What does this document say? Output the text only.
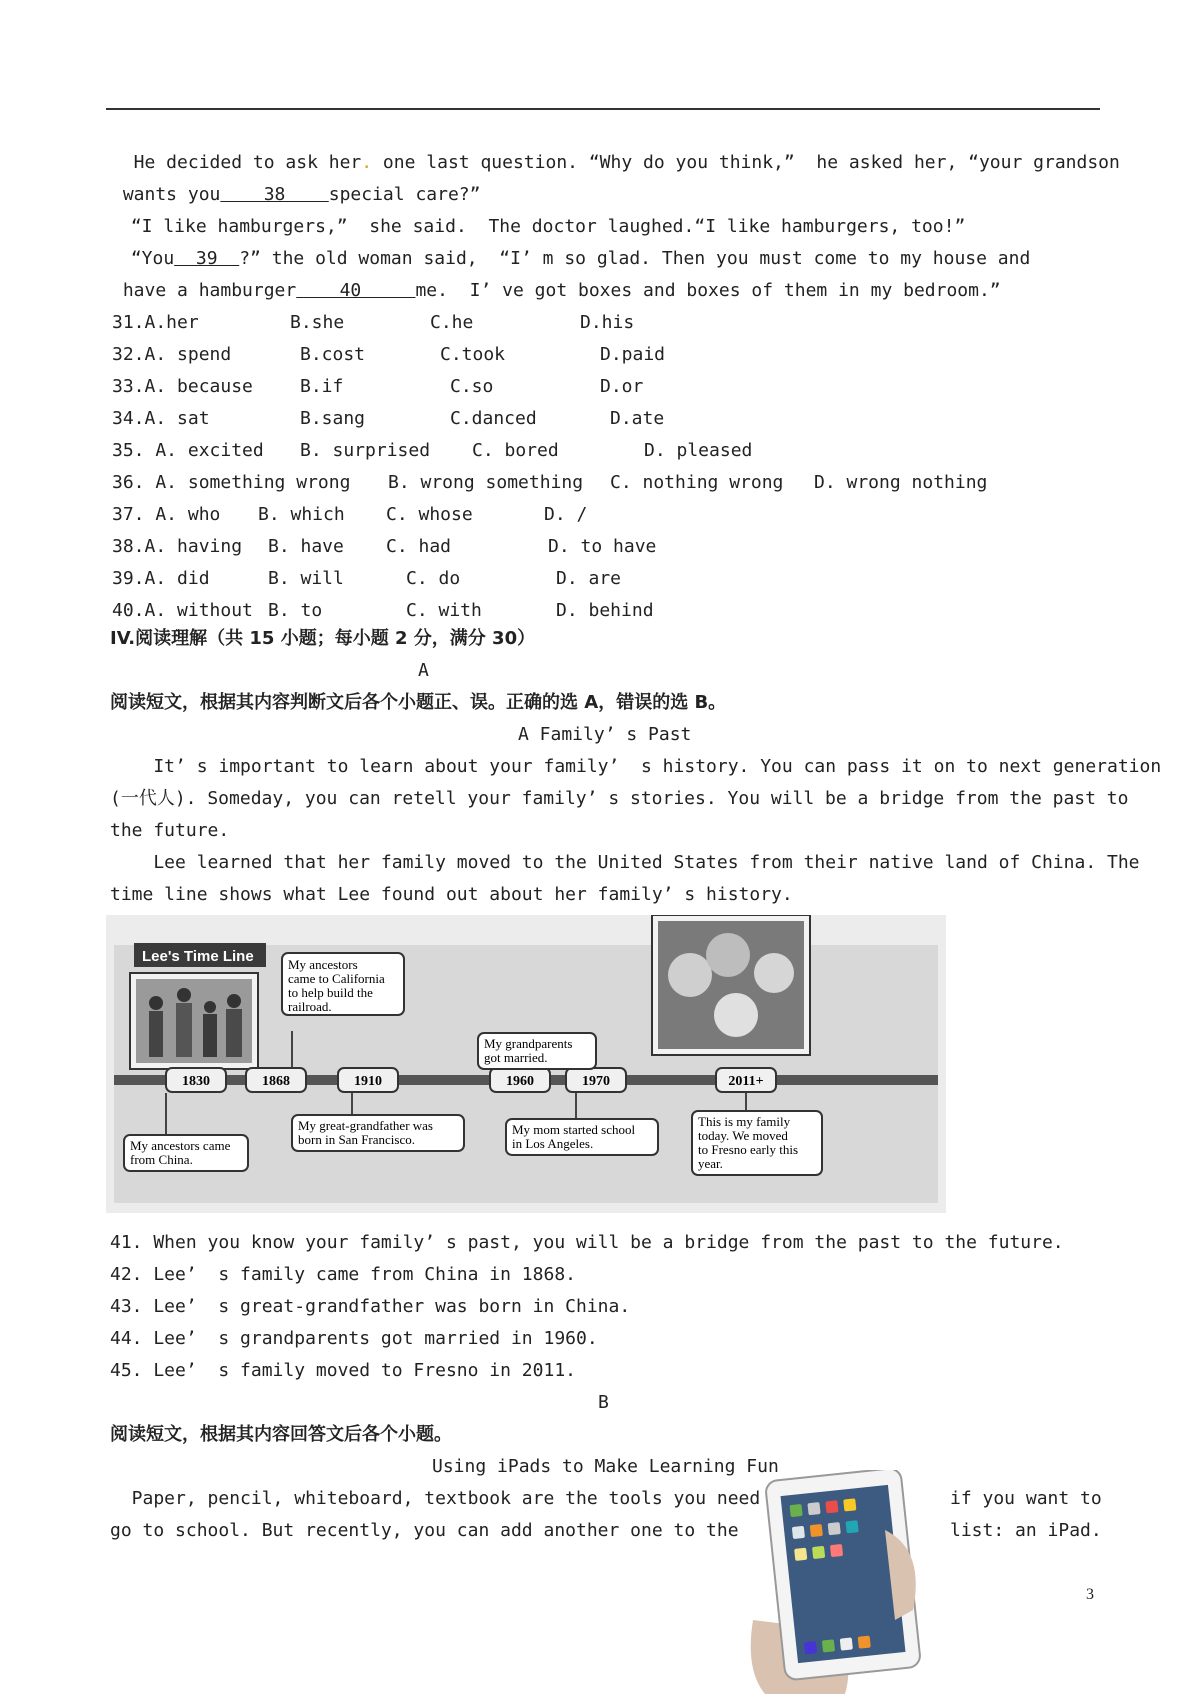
He decided to ask her. one last question. “Why do you think,”  he asked her, “your grandson
wants you    38    special care?”
“I like hamburgers,”  she said.  The doctor laughed.“I like hamburgers, too!”
“You  39  ?” the old woman said,  “I’ m so glad. Then you must come to my house and
have a hamburger    40     me.  I’ ve got boxes and boxes of them in my bedroom.”
31.A.her	B.she	C.he	D.his
32.A. spend	B.cost	C.took	D.paid
33.A. because	B.if	C.so	D.or
34.A. sat	B.sang	C.danced	D.ate
35. A. excited B. surprised C. bored	D. pleased
36. A. something wrong B. wrong something C. nothing wrong D. wrong nothing
37. A. who B. which C. whose	D. /
38.A. having B. have C. had	D. to have
39.A. did	B. will	C. do	D. are
40.A. without B. to	C. with	D. behind
IV.阅读理解（共 15 小题；每小题 2 分，满分 30）
A
阅读短文，根据其内容判断文后各个小题正、误。正确的选 A，错误的选 B。
A Family’ s Past
It’ s important to learn about your family’  s history. You can pass it on to next generation
(一代人). Someday, you can retell your family’ s stories. You will be a bridge from the past to
the future.
Lee learned that her family moved to the United States from their native land of China. The
time line shows what Lee found out about her family’ s history.
Lee's Time Line
1830	1868	1910	1960	1970	2011+
My ancestors
came to California
to help build the
railroad.
My grandparents
got married.
My ancestors came
from China.
My great-grandfather was
born in San Francisco.
My mom started school
in Los Angeles.
This is my family
today. We moved
to Fresno early this
year.
41. When you know your family’ s past, you will be a bridge from the past to the future.
42. Lee’  s family came from China in 1868.
43. Lee’  s great-grandfather was born in China.
44. Lee’  s grandparents got married in 1960.
45. Lee’  s family moved to Fresno in 2011.
B
阅读短文，根据其内容回答文后各个小题。
Using iPads to Make Learning Fun
Paper, pencil, whiteboard, textbook are the tools you need	if you want to
go to school. But recently, you can add another one to the	list: an iPad.
3
